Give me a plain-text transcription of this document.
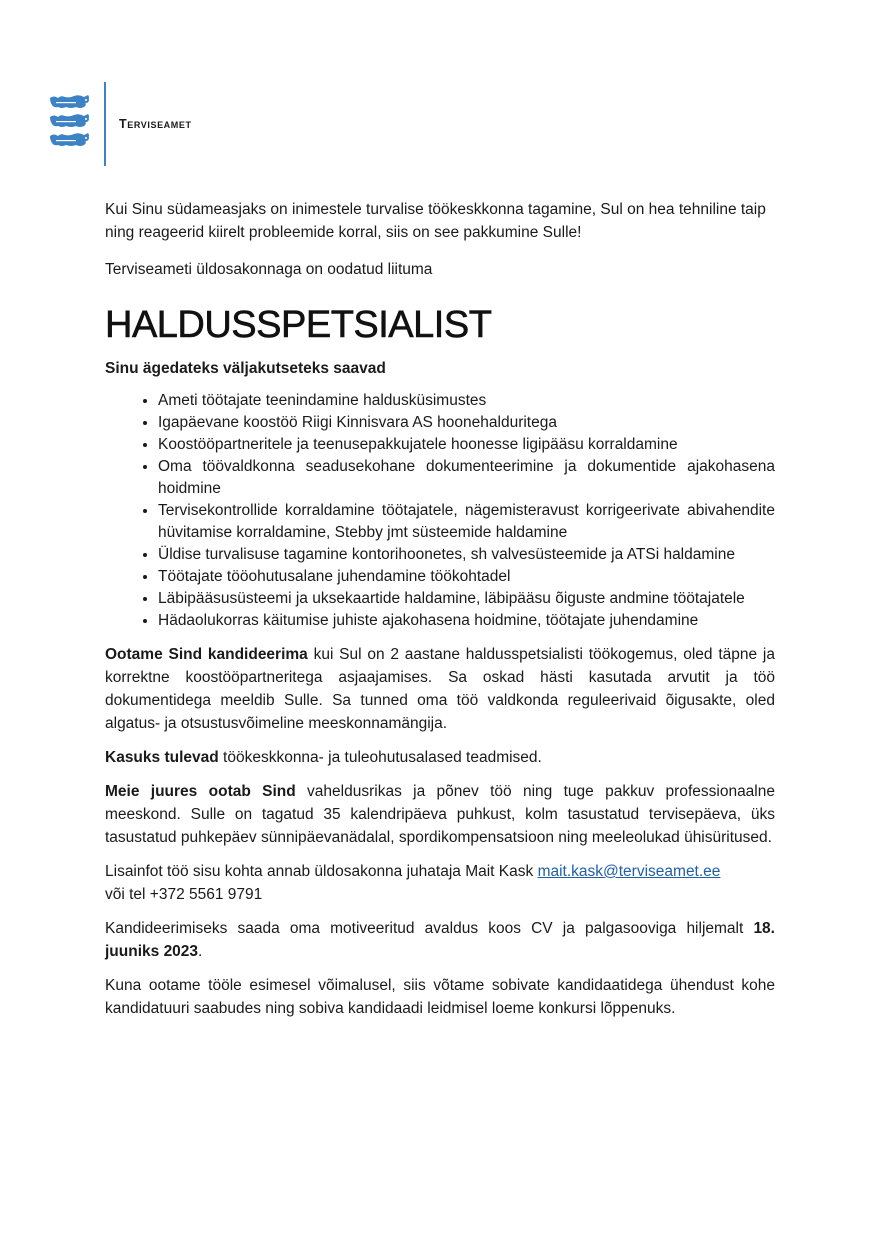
Terviseamet

Kui Sinu südameasjaks on inimestele turvalise töökeskkonna tagamine, Sul on hea tehniline taip ning reageerid kiirelt probleemide korral, siis on see pakkumine Sulle!

Terviseameti üldosakonnaga on oodatud liituma

HALDUSSPETSIALIST

Sinu ägedateks väljakutseteks saavad

• Ameti töötajate teenindamine haldusküsimustes
• Igapäevane koostöö Riigi Kinnisvara AS hoonehalduritega
• Koostööpartneritele ja teenusepakkujatele hoonesse ligipääsu korraldamine
• Oma töövaldkonna seadusekohane dokumenteerimine ja dokumentide ajakohasena hoidmine
• Tervisekontrollide korraldamine töötajatele, nägemisteravust korrigeerivate abivahendite hüvitamise korraldamine, Stebby jmt süsteemide haldamine
• Üldise turvalisuse tagamine kontorihoonetes, sh valvesüsteemide ja ATSi haldamine
• Töötajate tööohutusalane juhendamine töökohtadel
• Läbipääsusüsteemi ja uksekaartide haldamine, läbipääsu õiguste andmine töötajatele
• Hädaolukorras käitumise juhiste ajakohasena hoidmine, töötajate juhendamine

Ootame Sind kandideerima kui Sul on 2 aastane haldusspetsialisti töökogemus, oled täpne ja korrektne koostööpartneritega asjaajamises. Sa oskad hästi kasutada arvutit ja töö dokumentidega meeldib Sulle. Sa tunned oma töö valdkonda reguleerivaid õigusakte, oled algatus- ja otsustusvõimeline meeskonnamängija.

Kasuks tulevad töökeskkonna- ja tuleohutusalased teadmised.

Meie juures ootab Sind vaheldusrikas ja põnev töö ning tuge pakkuv professionaalne meeskond. Sulle on tagatud 35 kalendripäeva puhkust, kolm tasustatud tervisepäeva, üks tasustatud puhkepäev sünnipäevanädalal, spordikompensatsioon ning meeleolukad ühisüritused.

Lisainfot töö sisu kohta annab üldosakonna juhataja Mait Kask mait.kask@terviseamet.ee
või tel +372 5561 9791

Kandideerimiseks saada oma motiveeritud avaldus koos CV ja palgasooviga hiljemalt 18. juuniks 2023.

Kuna ootame tööle esimesel võimalusel, siis võtame sobivate kandidaatidega ühendust kohe kandidatuuri saabudes ning sobiva kandidaadi leidmisel loeme konkursi lõppenuks.
